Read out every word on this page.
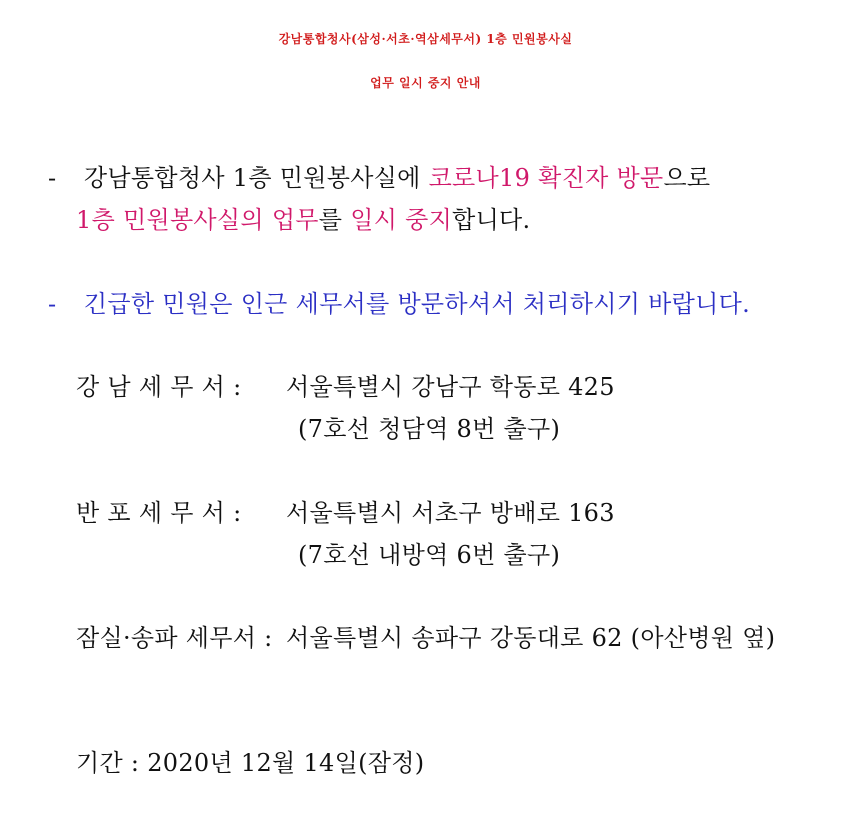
강남통합청사(삼성·서초·역삼세무서) 1층 민원봉사실
업무 일시 중지 안내
- 강남통합청사 1층 민원봉사실에 코로나19 확진자 방문으로
1층 민원봉사실의 업무를 일시 중지합니다.
- 긴급한 민원은 인근 세무서를 방문하셔서 처리하시기 바랍니다.
강 남 세 무 서 : 서울특별시 강남구 학동로 425
(7호선 청담역 8번 출구)
반 포 세 무 서 : 서울특별시 서초구 방배로 163
(7호선 내방역 6번 출구)
잠실·송파 세무서 : 서울특별시 송파구 강동대로 62 (아산병원 옆)
기간 : 2020년 12월 14일(잠정)
